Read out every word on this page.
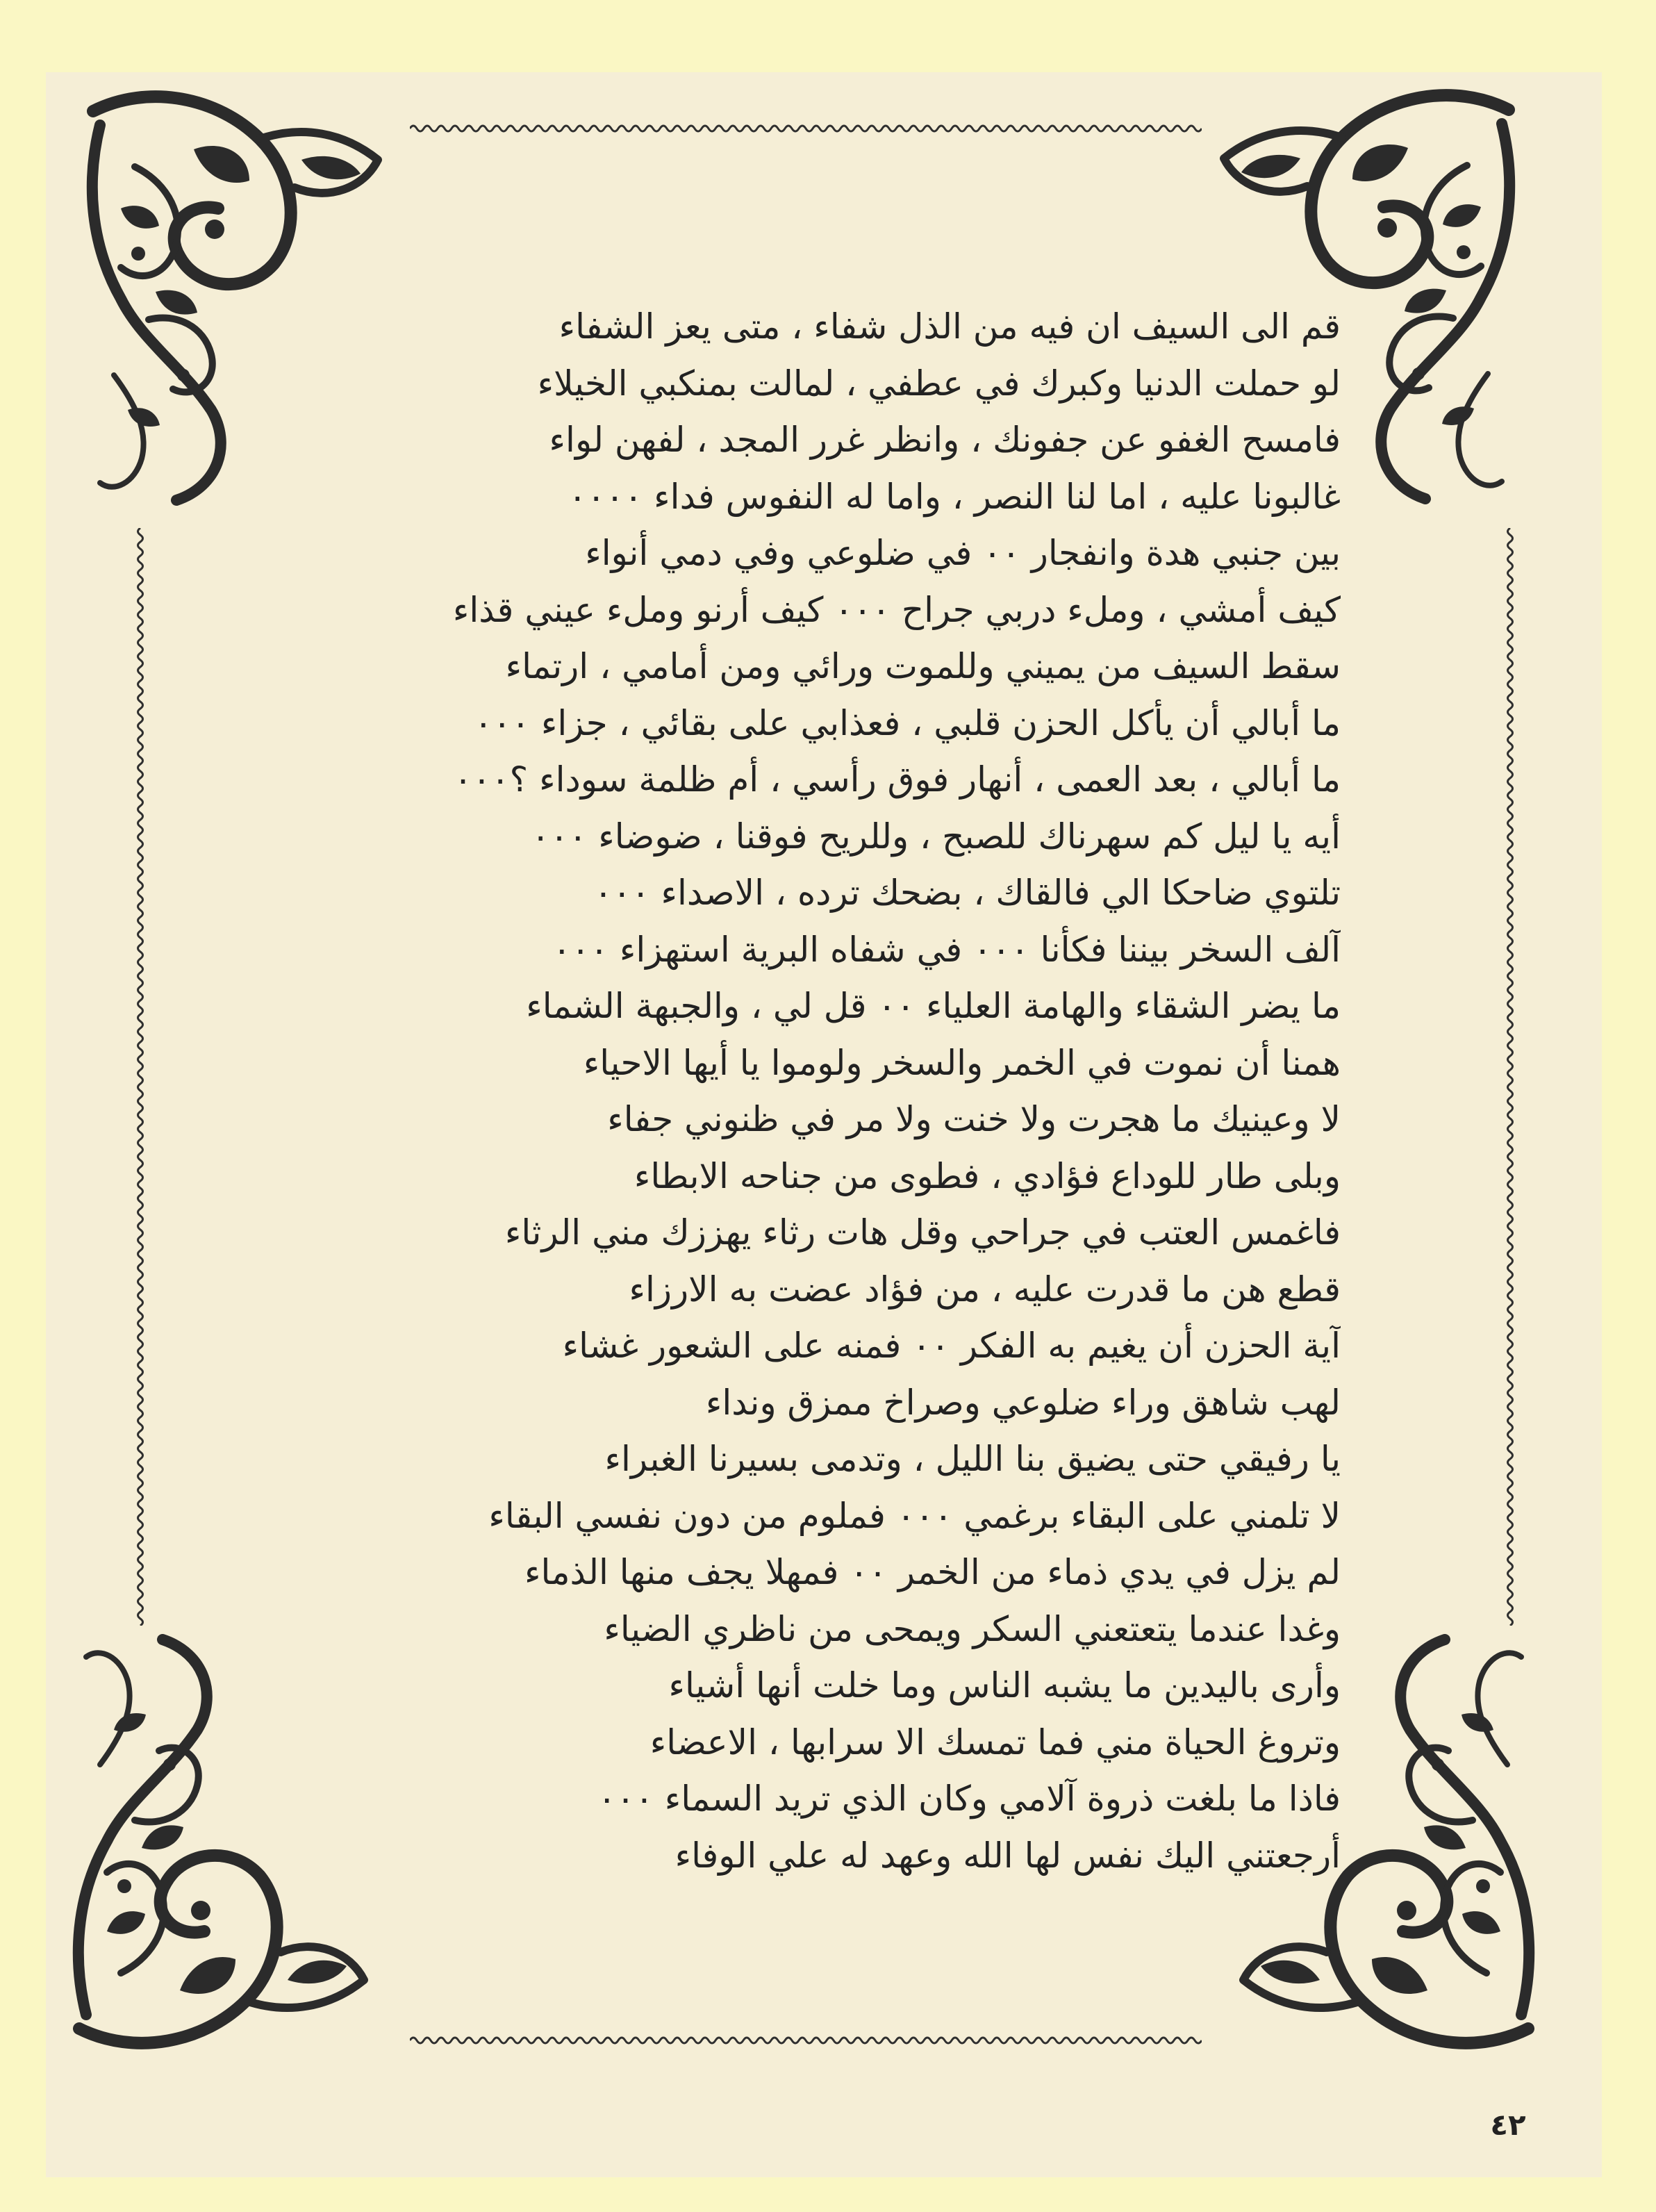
قم الى السيف ان فيه من الذل شفاء ، متى يعز الشفاء
لو حملت الدنيا وكبرك في عطفي ، لمالت بمنكبي الخيلاء
فامسح الغفو عن جفونك ، وانظر غرر المجد ، لفهن لواء
غالبونا عليه ، اما لنا النصر ، واما له النفوس فداء ٠٠٠٠
بين جنبي هدة وانفجار ٠٠ في ضلوعي وفي دمي أنواء
كيف أمشي ، وملء دربي جراح ٠٠٠ كيف أرنو وملء عيني قذاء
سقط السيف من يميني وللموت ورائي ومن أمامي ، ارتماء
ما أبالي أن يأكل الحزن قلبي ، فعذابي على بقائي ، جزاء ٠٠٠
ما أبالي ، بعد العمى ، أنهار فوق رأسي ، أم ظلمة سوداء ؟٠٠٠
أيه يا ليل كم سهرناك للصبح ، وللريح فوقنا ، ضوضاء ٠٠٠
تلتوي ضاحكا الي فالقاك ، بضحك ترده ، الاصداء ٠٠٠
آلف السخر بيننا فكأنا ٠٠٠ في شفاه البرية استهزاء ٠٠٠
ما يضر الشقاء والهامة العلياء ٠٠ قل لي ، والجبهة الشماء
همنا أن نموت في الخمر والسخر ولوموا يا أيها الاحياء
لا وعينيك ما هجرت ولا خنت ولا مر في ظنوني جفاء
وبلى طار للوداع فؤادي ، فطوى من جناحه الابطاء
فاغمس العتب في جراحي وقل هات رثاء يهززك مني الرثاء
قطع هن ما قدرت عليه ، من فؤاد عضت به الارزاء
آية الحزن أن يغيم به الفكر ٠٠ فمنه على الشعور غشاء
لهب شاهق وراء ضلوعي وصراخ ممزق ونداء
يا رفيقي حتى يضيق بنا الليل ، وتدمى بسيرنا الغبراء
لا تلمني على البقاء برغمي ٠٠٠ فملوم من دون نفسي البقاء
لم يزل في يدي ذماء من الخمر ٠٠ فمهلا يجف منها الذماء
وغدا عندما يتعتعني السكر ويمحى من ناظري الضياء
وأرى باليدين ما يشبه الناس وما خلت أنها أشياء
وتروغ الحياة مني فما تمسك الا سرابها ، الاعضاء
فاذا ما بلغت ذروة آلامي وكان الذي تريد السماء ٠٠٠
أرجعتني اليك نفس لها الله وعهد له علي الوفاء
٤٢
